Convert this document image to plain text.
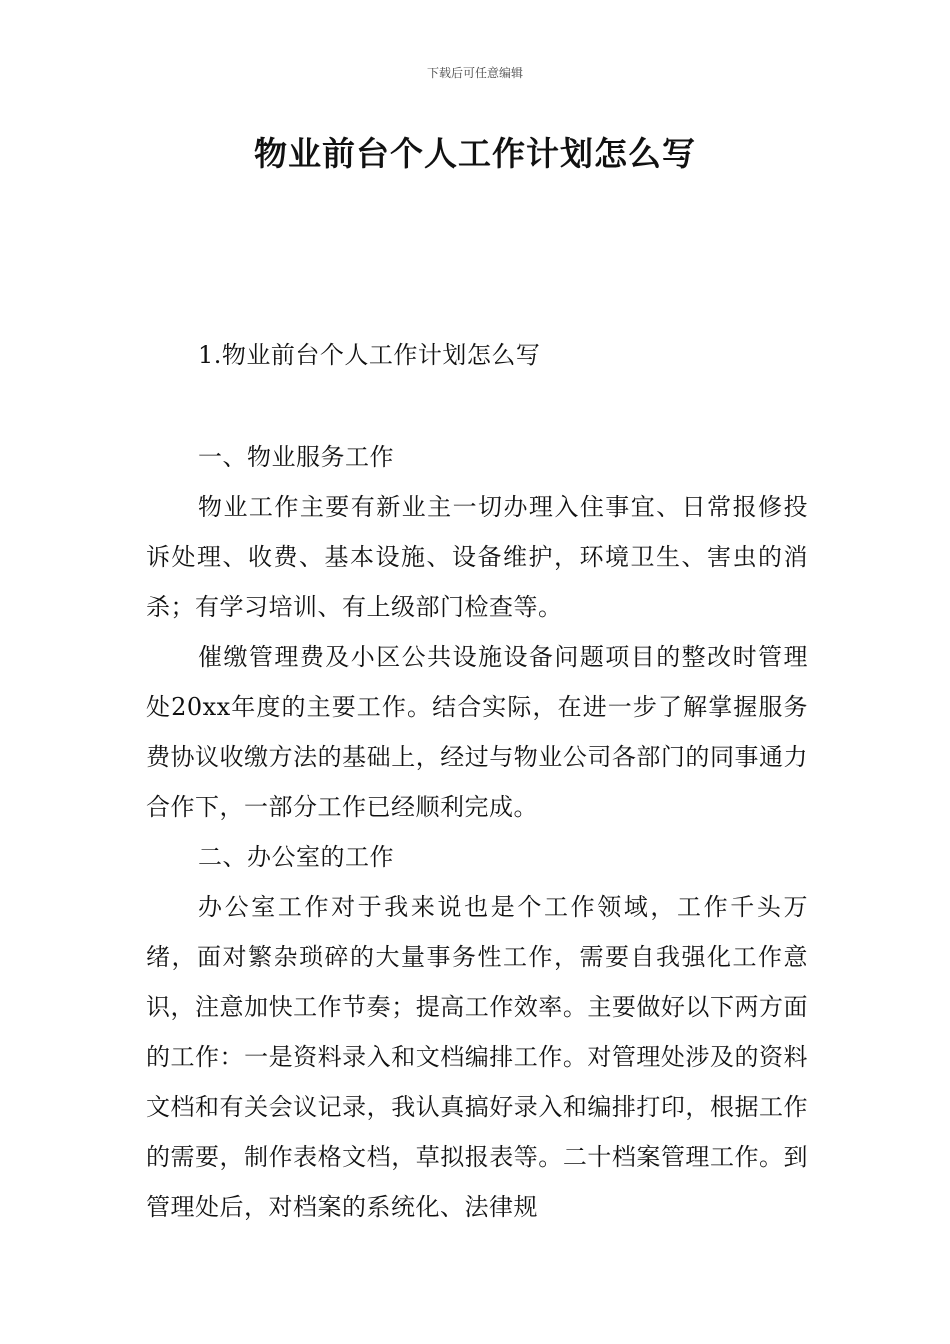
下载后可任意编辑
物业前台个人工作计划怎么写

1.物业前台个人工作计划怎么写

一、物业服务工作

物业工作主要有新业主一切办理入住事宜、日常报修投诉处理、收费、基本设施、设备维护，环境卫生、害虫的消杀；有学习培训、有上级部门检查等。

催缴管理费及小区公共设施设备问题项目的整改时管理处20xx年度的主要工作。结合实际，在进一步了解掌握服务费协议收缴方法的基础上，经过与物业公司各部门的同事通力合作下，一部分工作已经顺利完成。

二、办公室的工作

办公室工作对于我来说也是个工作领域，工作千头万绪，面对繁杂琐碎的大量事务性工作，需要自我强化工作意识，注意加快工作节奏；提高工作效率。主要做好以下两方面的工作：一是资料录入和文档编排工作。对管理处涉及的资料文档和有关会议记录，我认真搞好录入和编排打印，根据工作的需要，制作表格文档，草拟报表等。二十档案管理工作。到管理处后，对档案的系统化、法律规
